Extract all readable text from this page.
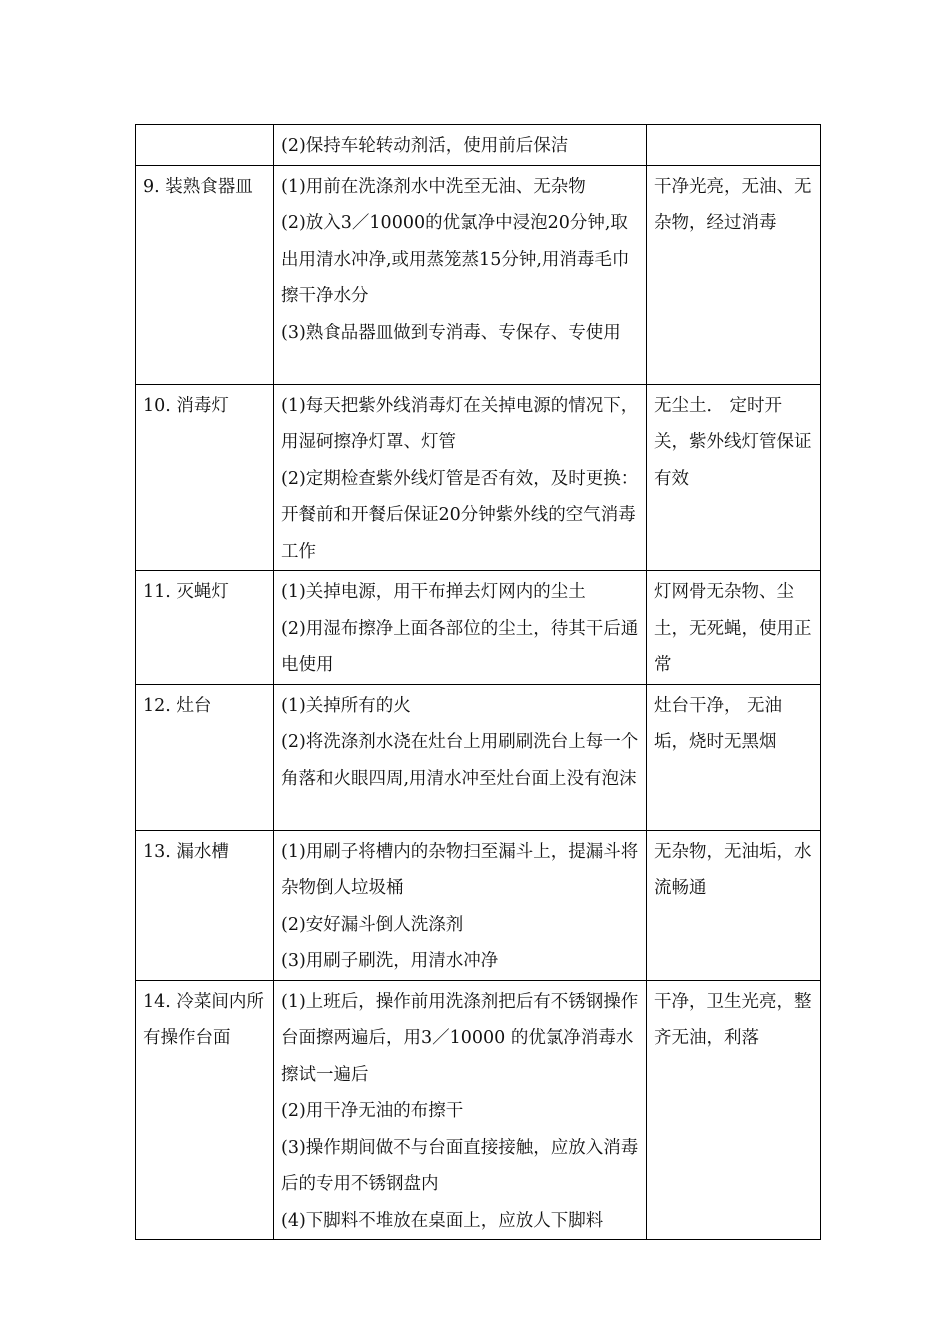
	(2)保持车轮转动剂活，使用前后保洁	

9. 装熟食器皿	(1)用前在洗涤剂水中洗至无油、无杂物
(2)放入3／10000的优氯净中浸泡20分钟,取出用清水冲净,或用蒸笼蒸15分钟,用消毒毛巾擦干净水分
(3)熟食品器皿做到专消毒、专保存、专使用	干净光亮，无油、无杂物，经过消毒
10. 消毒灯	(1)每天把紫外线消毒灯在关掉电源的情况下，用湿砢擦净灯罩、灯管
(2)定期检查紫外线灯管是否有效，及时更换：开餐前和开餐后保证20分钟紫外线的空气消毒工作	无尘土． 定时开关，紫外线灯管保证有效
11. 灭蝇灯	(1)关掉电源，用干布掸去灯网内的尘土
(2)用湿布擦净上面各部位的尘土，待其干后通电使用	灯网骨无杂物、尘土，无死蝇，使用正常
12. 灶台	(1)关掉所有的火
(2)将洗涤剂水浇在灶台上用刷刷洗台上每一个角落和火眼四周,用清水冲至灶台面上没有泡沫	灶台干净， 无油垢，烧时无黑烟
13. 漏水槽	(1)用刷子将槽内的杂物扫至漏斗上，提漏斗将杂物倒人垃圾桶
(2)安好漏斗倒人洗涤剂
(3)用刷子刷洗，用清水冲净	无杂物，无油垢，水流畅通
14. 冷菜间内所有操作台面	(1)上班后，操作前用洗涤剂把后有不锈钢操作台面擦两遍后，用3／10000 的优氯净消毒水擦试一遍后
(2)用干净无油的布擦干
(3)操作期间做不与台面直接接触，应放入消毒后的专用不锈钢盘内
(4)下脚料不堆放在桌面上，应放人下脚料	干净，卫生光亮，整齐无油，利落
